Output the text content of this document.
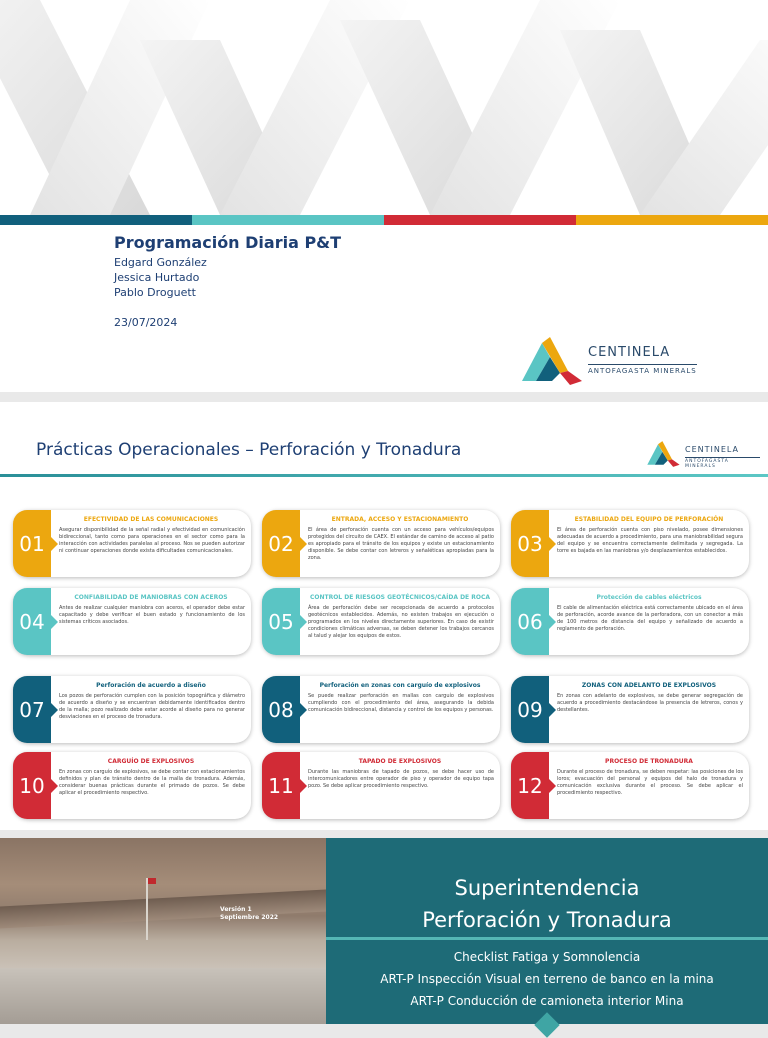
Programación Diaria P&T
Edgard González
Jessica Hurtado
Pablo Droguett
23/07/2024
CENTINELA
ANTOFAGASTA MINERALS
Prácticas Operacionales – Perforación y Tronadura	CENTINELA
ANTOFAGASTA MINERALS
01
EFECTIVIDAD DE LAS COMUNICACIONES
Asegurar disponibilidad de la señal radial y efectividad en comunicación bidireccional, tanto como para operaciones en el sector como para la interacción con actividades paralelas al proceso. Nos se pueden autorizar ni continuar operaciones donde exista dificultades comunicacionales.	02
ENTRADA, ACCESO Y ESTACIONAMIENTO
El área de perforación cuenta con un acceso para vehículos/equipos protegidos del circuito de CAEX. El estándar de camino de acceso al patio es apropiado para el tránsito de los equipos y existe un estacionamiento disponible. Se debe contar con letreros y señaléticas apropiadas para la zona.
03
ESTABILIDAD DEL EQUIPO DE PERFORACIÓN
El área de perforación cuenta con piso nivelado, posee dimensiones adecuadas de acuerdo a procedimiento, para una maniobrabilidad segura del equipo y se encuentra correctamente delimitada y segregada. La torre es bajada en las maniobras y/o desplazamientos establecidos.
04
CONFIABILIDAD DE MANIOBRAS CON ACEROS
Antes de realizar cualquier maniobra con aceros, el operador debe estar capacitado y debe verificar el buen estado y funcionamiento de los sistemas críticos asociados.	05
CONTROL DE RIESGOS GEOTÉCNICOS/CAÍDA DE ROCA
Área de perforación debe ser recepcionada de acuerdo a protocolos geotécnicos establecidos. Además, no existen trabajos en ejecución o programados en los niveles directamente superiores. En caso de existir condiciones climáticas adversas, se deben detener los trabajos cercanos al talud y alejar los equipos de estos.
06
Protección de cables eléctricos
El cable de alimentación eléctrica está correctamente ubicado en el área de perforación, acorde avance de la perforadora, con un conector a más de 100 metros de distancia del equipo y señalizado de acuerdo a reglamento de perforación.
07
Perforación de acuerdo a diseño
Los pozos de perforación cumplen con la posición topográfica y diámetro de acuerdo a diseño y se encuentran debidamente identificados dentro de la malla; pozo realizado debe estar acorde al diseño para no generar desviaciones en el proceso de tronadura.	08
Perforación en zonas con carguío de explosivos
Se puede realizar perforación en mallas con carguío de explosivos cumpliendo con el procedimiento del área, asegurando la debida comunicación bidireccional, distancia y control de los equipos y personas.	09
ZONAS CON ADELANTO DE EXPLOSIVOS
En zonas con adelanto de explosivos, se debe generar segregación de acuerdo a procedimiento destacándose la presencia de letreros, conos y destellantes.
10
CARGUÍO DE EXPLOSIVOS
En zonas con carguío de explosivos, se debe contar con estacionamientos definidos y plan de tránsito dentro de la malla de tronadura. Además, considerar buenas prácticas durante el primado de pozos. Se debe aplicar el procedimiento respectivo.	11
TAPADO DE EXPLOSIVOS
Durante las maniobras de tapado de pozos, se debe hacer uso de intercomunicadores entre operador de piso y operador de equipo tapa pozo. Se debe aplicar procedimiento respectivo.	12
PROCESO DE TRONADURA
Durante el proceso de tronadura, se deben respetar: las posiciones de los loros; evacuación del personal y equipos del halo de tronadura y comunicación exclusiva durante el proceso. Se debe aplicar el procedimiento respectivo.
Versión 1
Septiembre 2022
Superintendencia
Perforación y Tronadura
Checklist Fatiga y Somnolencia
ART-P Inspección Visual en terreno de banco en la mina
ART-P Conducción de camioneta interior Mina
